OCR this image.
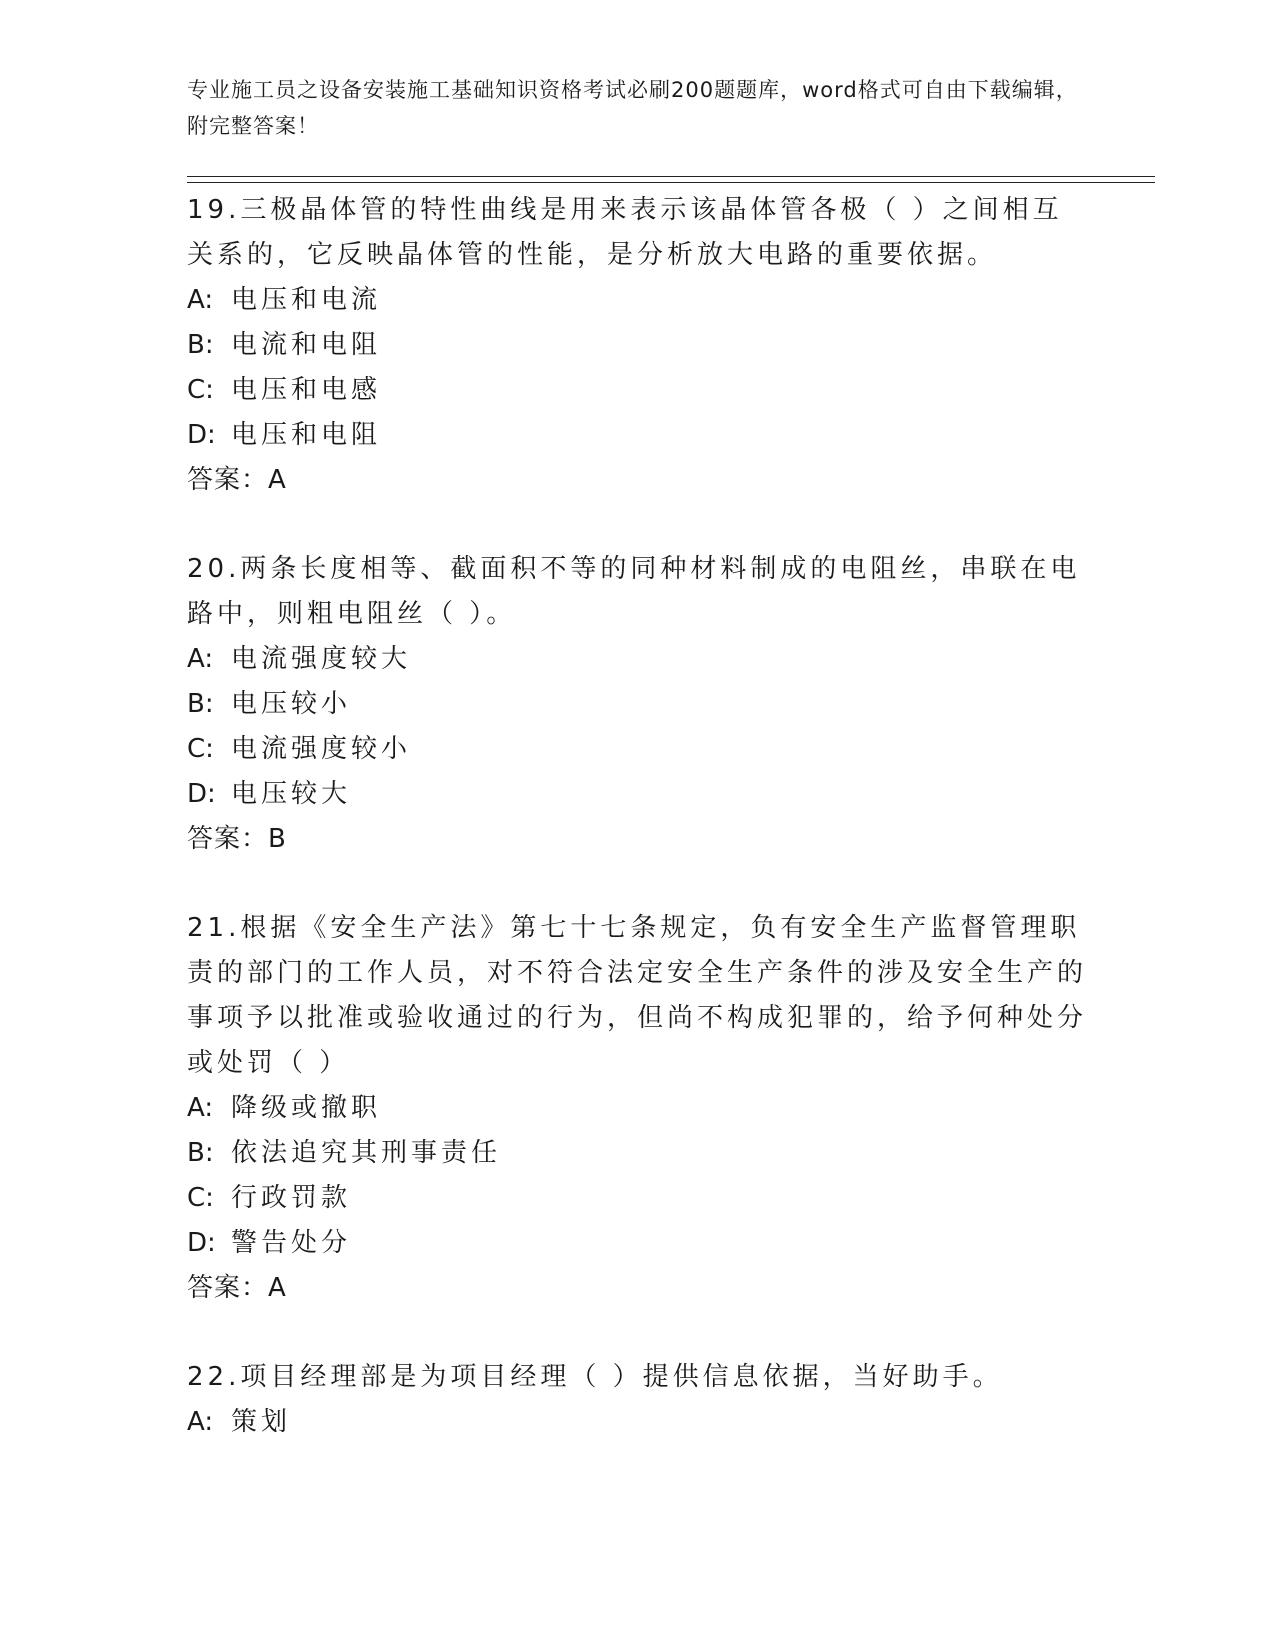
专业施工员之设备安装施工基础知识资格考试必刷200题题库，word格式可自由下载编辑，附完整答案！

19.三极晶体管的特性曲线是用来表示该晶体管各极（ ）之间相互关系的，它反映晶体管的性能，是分析放大电路的重要依据。

A: 电压和电流
B: 电流和电阻
C: 电压和电感
D: 电压和电阻
答案：A

20.两条长度相等、截面积不等的同种材料制成的电阻丝，串联在电路中，则粗电阻丝（ ）。

A: 电流强度较大
B: 电压较小
C: 电流强度较小
D: 电压较大
答案：B

21.根据《安全生产法》第七十七条规定，负有安全生产监督管理职责的部门的工作人员，对不符合法定安全生产条件的涉及安全生产的事项予以批准或验收通过的行为，但尚不构成犯罪的，给予何种处分或处罚（ ）

A: 降级或撤职
B: 依法追究其刑事责任
C: 行政罚款
D: 警告处分
答案：A

22.项目经理部是为项目经理（ ）提供信息依据，当好助手。

A: 策划
